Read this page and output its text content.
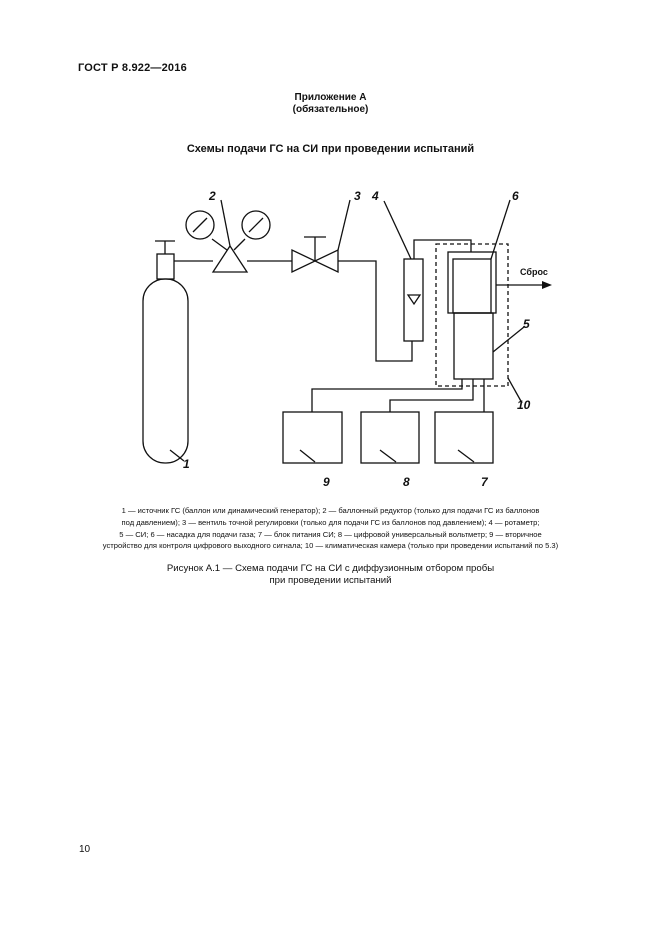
ГОСТ Р 8.922—2016
Приложение А
(обязательное)
Схемы подачи ГС на СИ при проведении испытаний
1
2	3 4
5
6
7
8
9
10
Сброс
1 — источник ГС (баллон или динамический генератор); 2 — баллонный редуктор (только для подачи ГС из баллонов
под давлением); 3 — вентиль точной регулировки (только для подачи ГС из баллонов под давлением); 4 — ротаметр;
5 — СИ; 6 — насадка для подачи газа; 7 — блок питания СИ; 8 — цифровой универсальный вольтметр; 9 — вторичное
устройство для контроля цифрового выходного сигнала; 10 — климатическая камера (только при проведении испытаний по 5.3)
Рисунок А.1 — Схема подачи ГС на СИ с диффузионным отбором пробы
при проведении испытаний
10
